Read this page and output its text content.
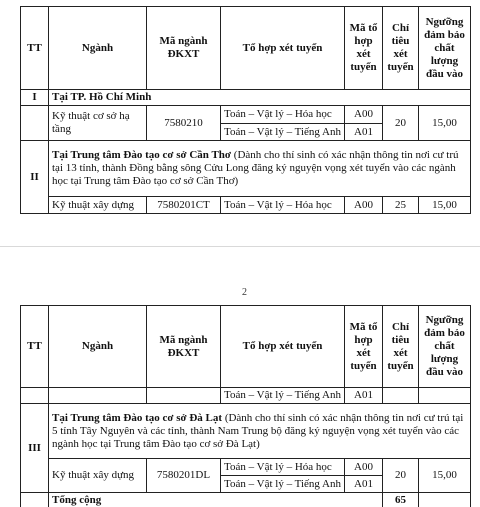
TT	Ngành	Mã ngành ĐKXT	Tổ hợp xét tuyển	Mã tổ hợp xét tuyển	Chỉ tiêu xét tuyển	Ngưỡng đảm bảo chất lượng đầu vào
I	Tại TP. Hồ Chí Minh					
	Kỹ thuật cơ sở hạ tầng	7580210	Toán – Vật lý – Hóa học	A00	20	15,00
			Toán – Vật lý – Tiếng Anh	A01		
II	Tại Trung tâm Đào tạo cơ sở Cần Thơ (Dành cho thí sinh có xác nhận thông tin nơi cư trú tại 13 tỉnh, thành Đồng bằng sông Cửu Long đăng ký nguyện vọng xét tuyển vào các ngành học tại Trung tâm Đào tạo cơ sở Cần Thơ)					
	Kỹ thuật xây dựng	7580201CT	Toán – Vật lý – Hóa học	A00	25	15,00
2
TT	Ngành	Mã ngành ĐKXT	Tổ hợp xét tuyển	Mã tổ hợp xét tuyển	Chỉ tiêu xét tuyển	Ngưỡng đảm bảo chất lượng đầu vào
			Toán – Vật lý – Tiếng Anh	A01		
III	Tại Trung tâm Đào tạo cơ sở Đà Lạt (Dành cho thí sinh có xác nhận thông tin nơi cư trú tại 5 tỉnh Tây Nguyên và các tỉnh, thành Nam Trung bộ đăng ký nguyện vọng xét tuyển vào các ngành học tại Trung tâm Đào tạo cơ sở Đà Lạt)					
	Kỹ thuật xây dựng	7580201DL	Toán – Vật lý – Hóa học	A00	20	15,00
			Toán – Vật lý – Tiếng Anh	A01		
	Tổng cộng				65	
